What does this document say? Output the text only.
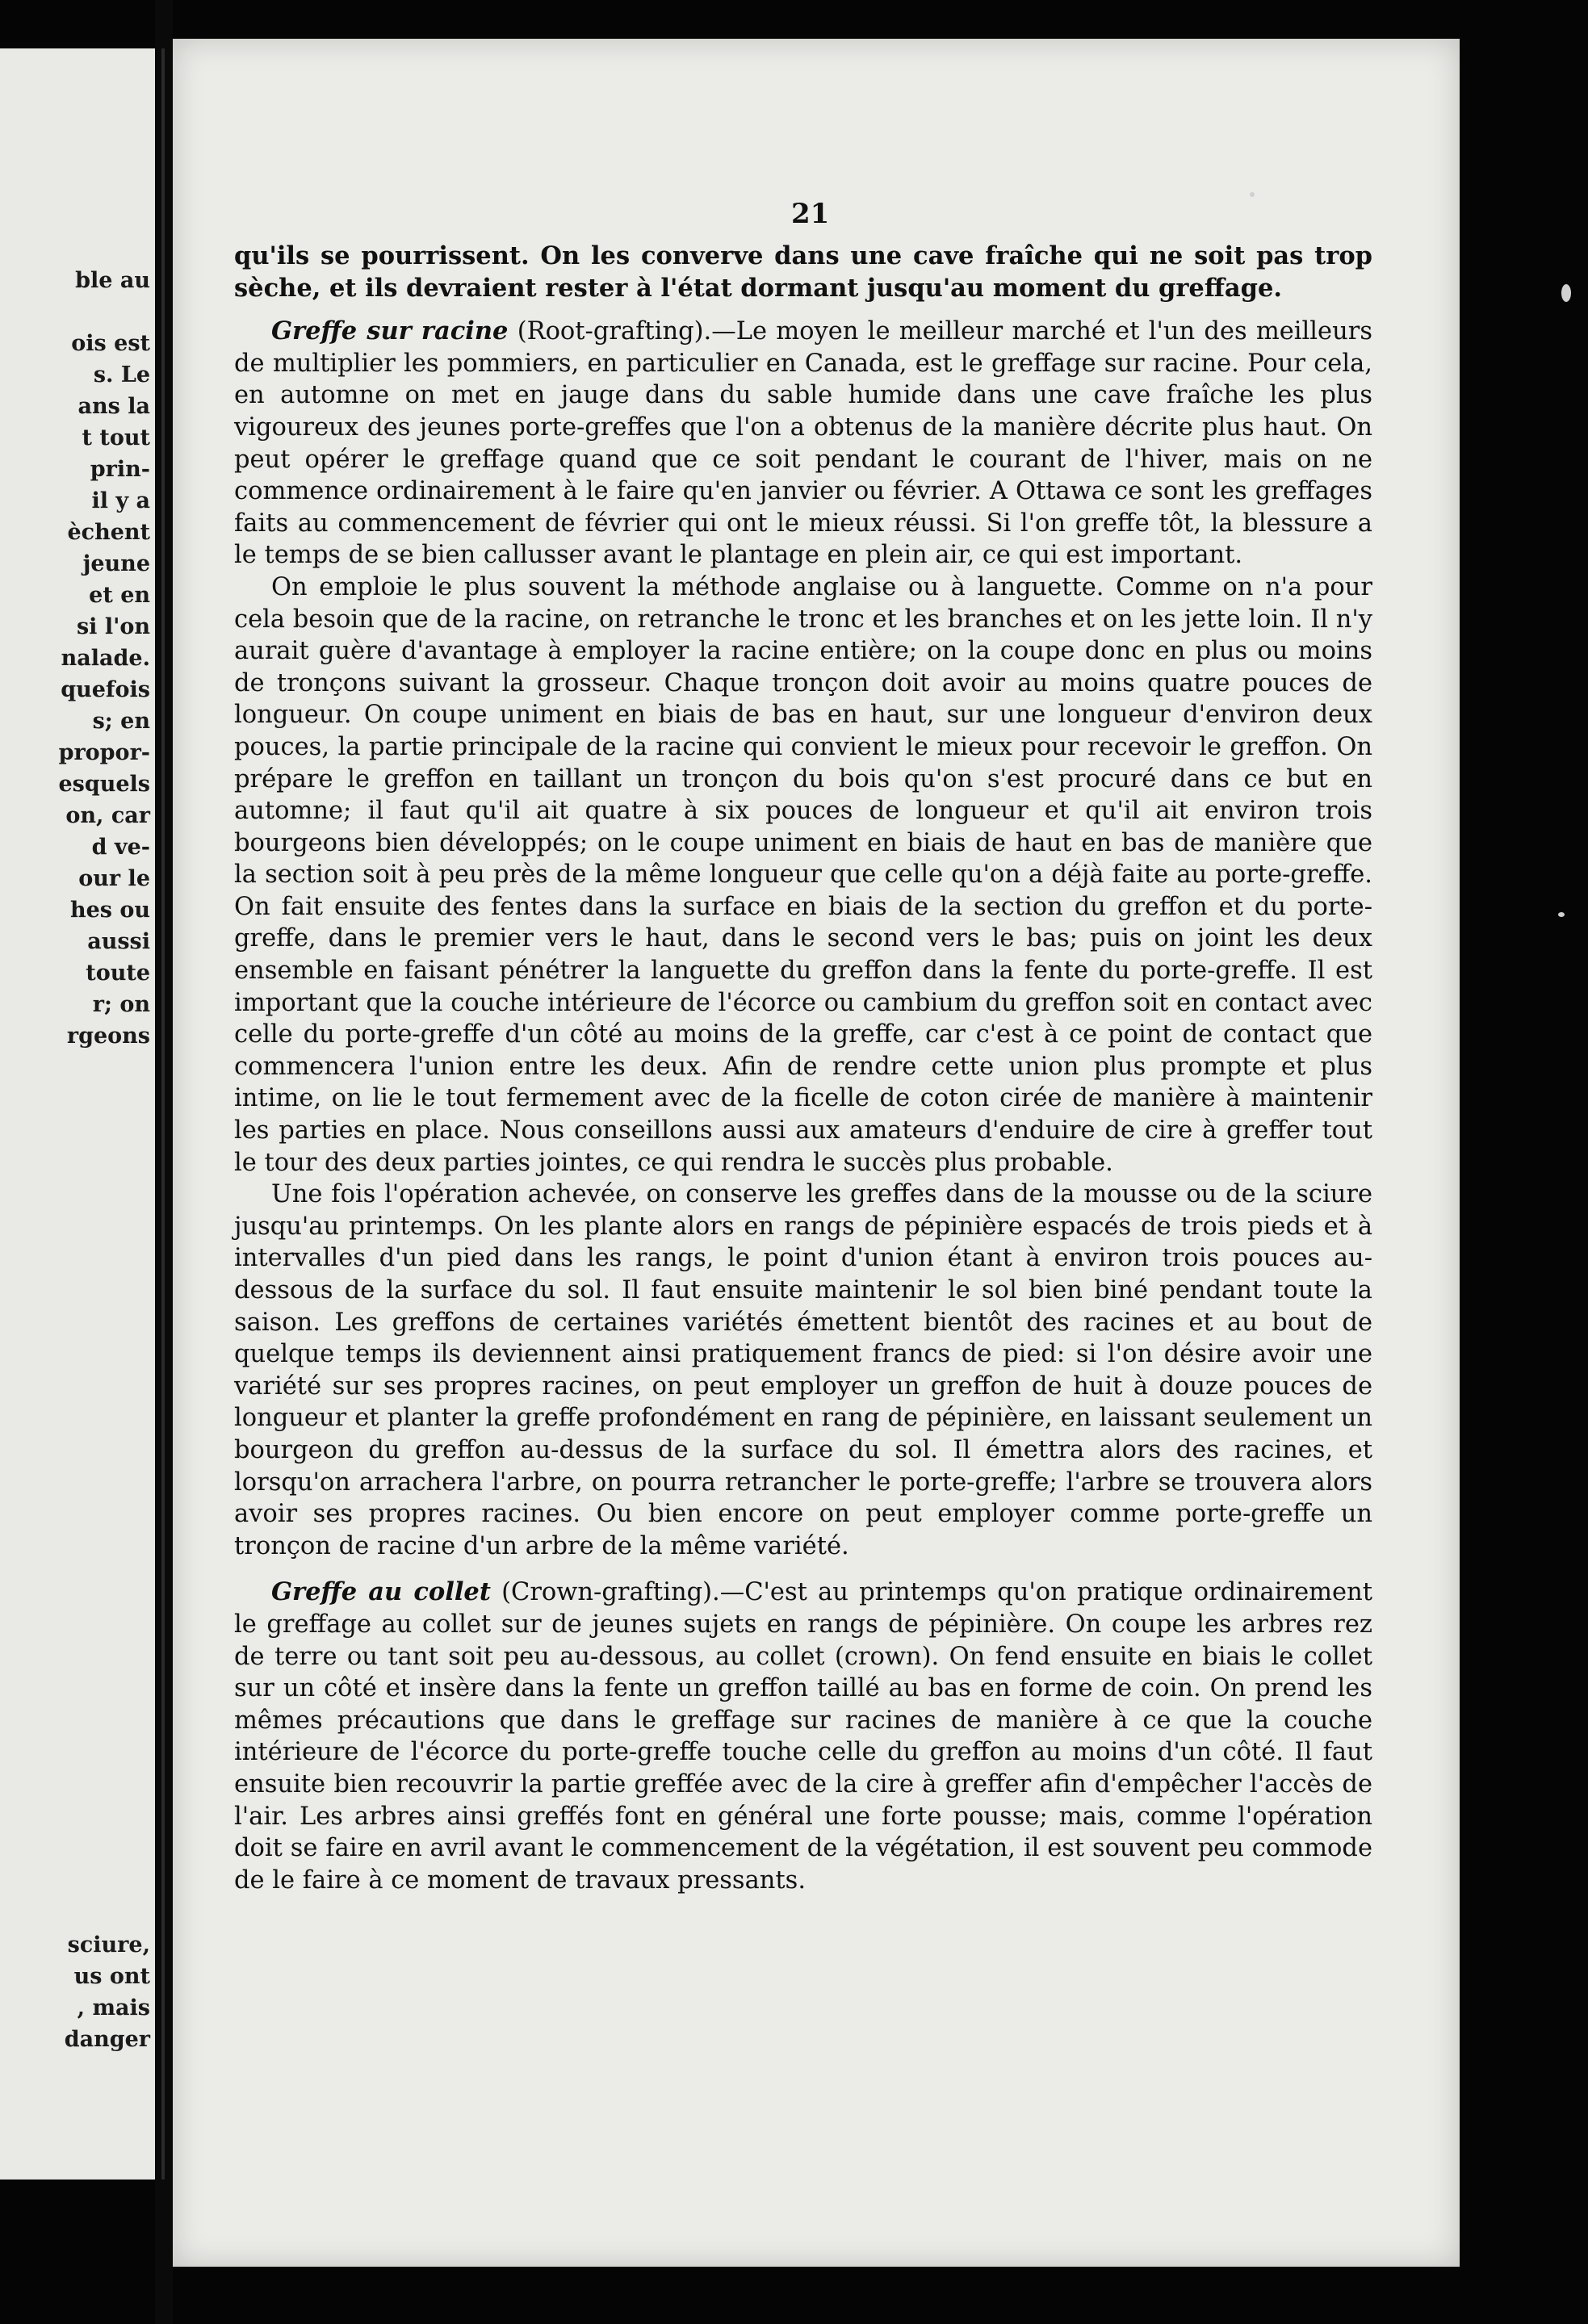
ble au

ois est
s. Le
ans la
t tout
prin-
il y a
èchent
jeune
et en
si l'on
nalade.
quefois
s; en
propor-
esquels
on, car
d ve-
our le
hes ou
aussi
toute
r; on
rgeons
sciure,
us ont
, mais
danger
21

qu'ils se pourrissent. On les converve dans une cave fraîche qui ne soit pas trop sèche, et ils devraient rester à l'état dormant jusqu'au moment du greffage.

Greffe sur racine (Root-grafting).—Le moyen le meilleur marché et l'un des meilleurs de multiplier les pommiers, en particulier en Canada, est le greffage sur racine. Pour cela, en automne on met en jauge dans du sable humide dans une cave fraîche les plus vigoureux des jeunes porte-greffes que l'on a obtenus de la manière décrite plus haut. On peut opérer le greffage quand que ce soit pendant le courant de l'hiver, mais on ne commence ordinairement à le faire qu'en janvier ou février. A Ottawa ce sont les greffages faits au commencement de février qui ont le mieux réussi. Si l'on greffe tôt, la blessure a le temps de se bien callusser avant le plantage en plein air, ce qui est important.

On emploie le plus souvent la méthode anglaise ou à languette. Comme on n'a pour cela besoin que de la racine, on retranche le tronc et les branches et on les jette loin. Il n'y aurait guère d'avantage à employer la racine entière; on la coupe donc en plus ou moins de tronçons suivant la grosseur. Chaque tronçon doit avoir au moins quatre pouces de longueur. On coupe uniment en biais de bas en haut, sur une longueur d'environ deux pouces, la partie principale de la racine qui convient le mieux pour recevoir le greffon. On prépare le greffon en taillant un tronçon du bois qu'on s'est procuré dans ce but en automne; il faut qu'il ait quatre à six pouces de longueur et qu'il ait environ trois bourgeons bien développés; on le coupe uniment en biais de haut en bas de manière que la section soit à peu près de la même longueur que celle qu'on a déjà faite au porte-greffe. On fait ensuite des fentes dans la surface en biais de la section du greffon et du porte-greffe, dans le premier vers le haut, dans le second vers le bas; puis on joint les deux ensemble en faisant pénétrer la languette du greffon dans la fente du porte-greffe. Il est important que la couche intérieure de l'écorce ou cambium du greffon soit en contact avec celle du porte-greffe d'un côté au moins de la greffe, car c'est à ce point de contact que commencera l'union entre les deux. Afin de rendre cette union plus prompte et plus intime, on lie le tout fermement avec de la ficelle de coton cirée de manière à maintenir les parties en place. Nous conseillons aussi aux amateurs d'enduire de cire à greffer tout le tour des deux parties jointes, ce qui rendra le succès plus probable.

Une fois l'opération achevée, on conserve les greffes dans de la mousse ou de la sciure jusqu'au printemps. On les plante alors en rangs de pépinière espacés de trois pieds et à intervalles d'un pied dans les rangs, le point d'union étant à environ trois pouces au-dessous de la surface du sol. Il faut ensuite maintenir le sol bien biné pendant toute la saison. Les greffons de certaines variétés émettent bientôt des racines et au bout de quelque temps ils deviennent ainsi pratiquement francs de pied: si l'on désire avoir une variété sur ses propres racines, on peut employer un greffon de huit à douze pouces de longueur et planter la greffe profondément en rang de pépinière, en laissant seulement un bourgeon du greffon au-dessus de la surface du sol. Il émettra alors des racines, et lorsqu'on arrachera l'arbre, on pourra retrancher le porte-greffe; l'arbre se trouvera alors avoir ses propres racines. Ou bien encore on peut employer comme porte-greffe un tronçon de racine d'un arbre de la même variété.

Greffe au collet (Crown-grafting).—C'est au printemps qu'on pratique ordinairement le greffage au collet sur de jeunes sujets en rangs de pépinière. On coupe les arbres rez de terre ou tant soit peu au-dessous, au collet (crown). On fend ensuite en biais le collet sur un côté et insère dans la fente un greffon taillé au bas en forme de coin. On prend les mêmes précautions que dans le greffage sur racines de manière à ce que la couche intérieure de l'écorce du porte-greffe touche celle du greffon au moins d'un côté. Il faut ensuite bien recouvrir la partie greffée avec de la cire à greffer afin d'empêcher l'accès de l'air. Les arbres ainsi greffés font en général une forte pousse; mais, comme l'opération doit se faire en avril avant le commencement de la végétation, il est souvent peu commode de le faire à ce moment de travaux pressants.
